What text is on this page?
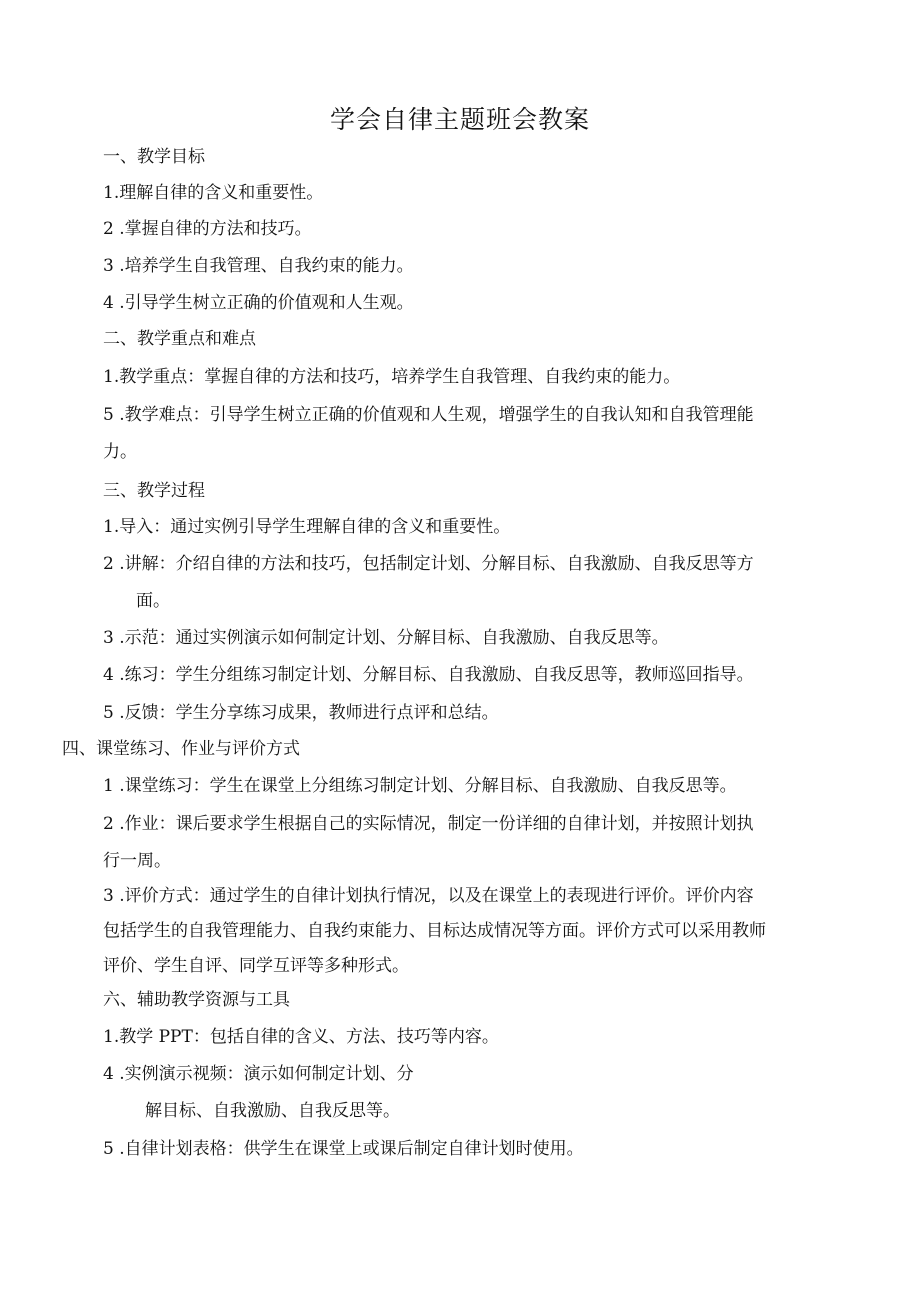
学会自律主题班会教案
一、教学目标
1.理解自律的含义和重要性。
2 .掌握自律的方法和技巧。
3 .培养学生自我管理、自我约束的能力。
4 .引导学生树立正确的价值观和人生观。
二、教学重点和难点
1.教学重点：掌握自律的方法和技巧，培养学生自我管理、自我约束的能力。
5 .教学难点：引导学生树立正确的价值观和人生观，增强学生的自我认知和自我管理能
力。
三、教学过程
1.导入：通过实例引导学生理解自律的含义和重要性。
2 .讲解：介绍自律的方法和技巧，包括制定计划、分解目标、自我激励、自我反思等方
面。
3 .示范：通过实例演示如何制定计划、分解目标、自我激励、自我反思等。
4 .练习：学生分组练习制定计划、分解目标、自我激励、自我反思等，教师巡回指导。
5 .反馈：学生分享练习成果，教师进行点评和总结。
四、课堂练习、作业与评价方式
1 .课堂练习：学生在课堂上分组练习制定计划、分解目标、自我激励、自我反思等。
2 .作业：课后要求学生根据自己的实际情况，制定一份详细的自律计划，并按照计划执
行一周。
3 .评价方式：通过学生的自律计划执行情况，以及在课堂上的表现进行评价。评价内容
包括学生的自我管理能力、自我约束能力、目标达成情况等方面。评价方式可以采用教师
评价、学生自评、同学互评等多种形式。
六、辅助教学资源与工具
1.教学 PPT：包括自律的含义、方法、技巧等内容。
4 .实例演示视频：演示如何制定计划、分
解目标、自我激励、自我反思等。
5 .自律计划表格：供学生在课堂上或课后制定自律计划时使用。
